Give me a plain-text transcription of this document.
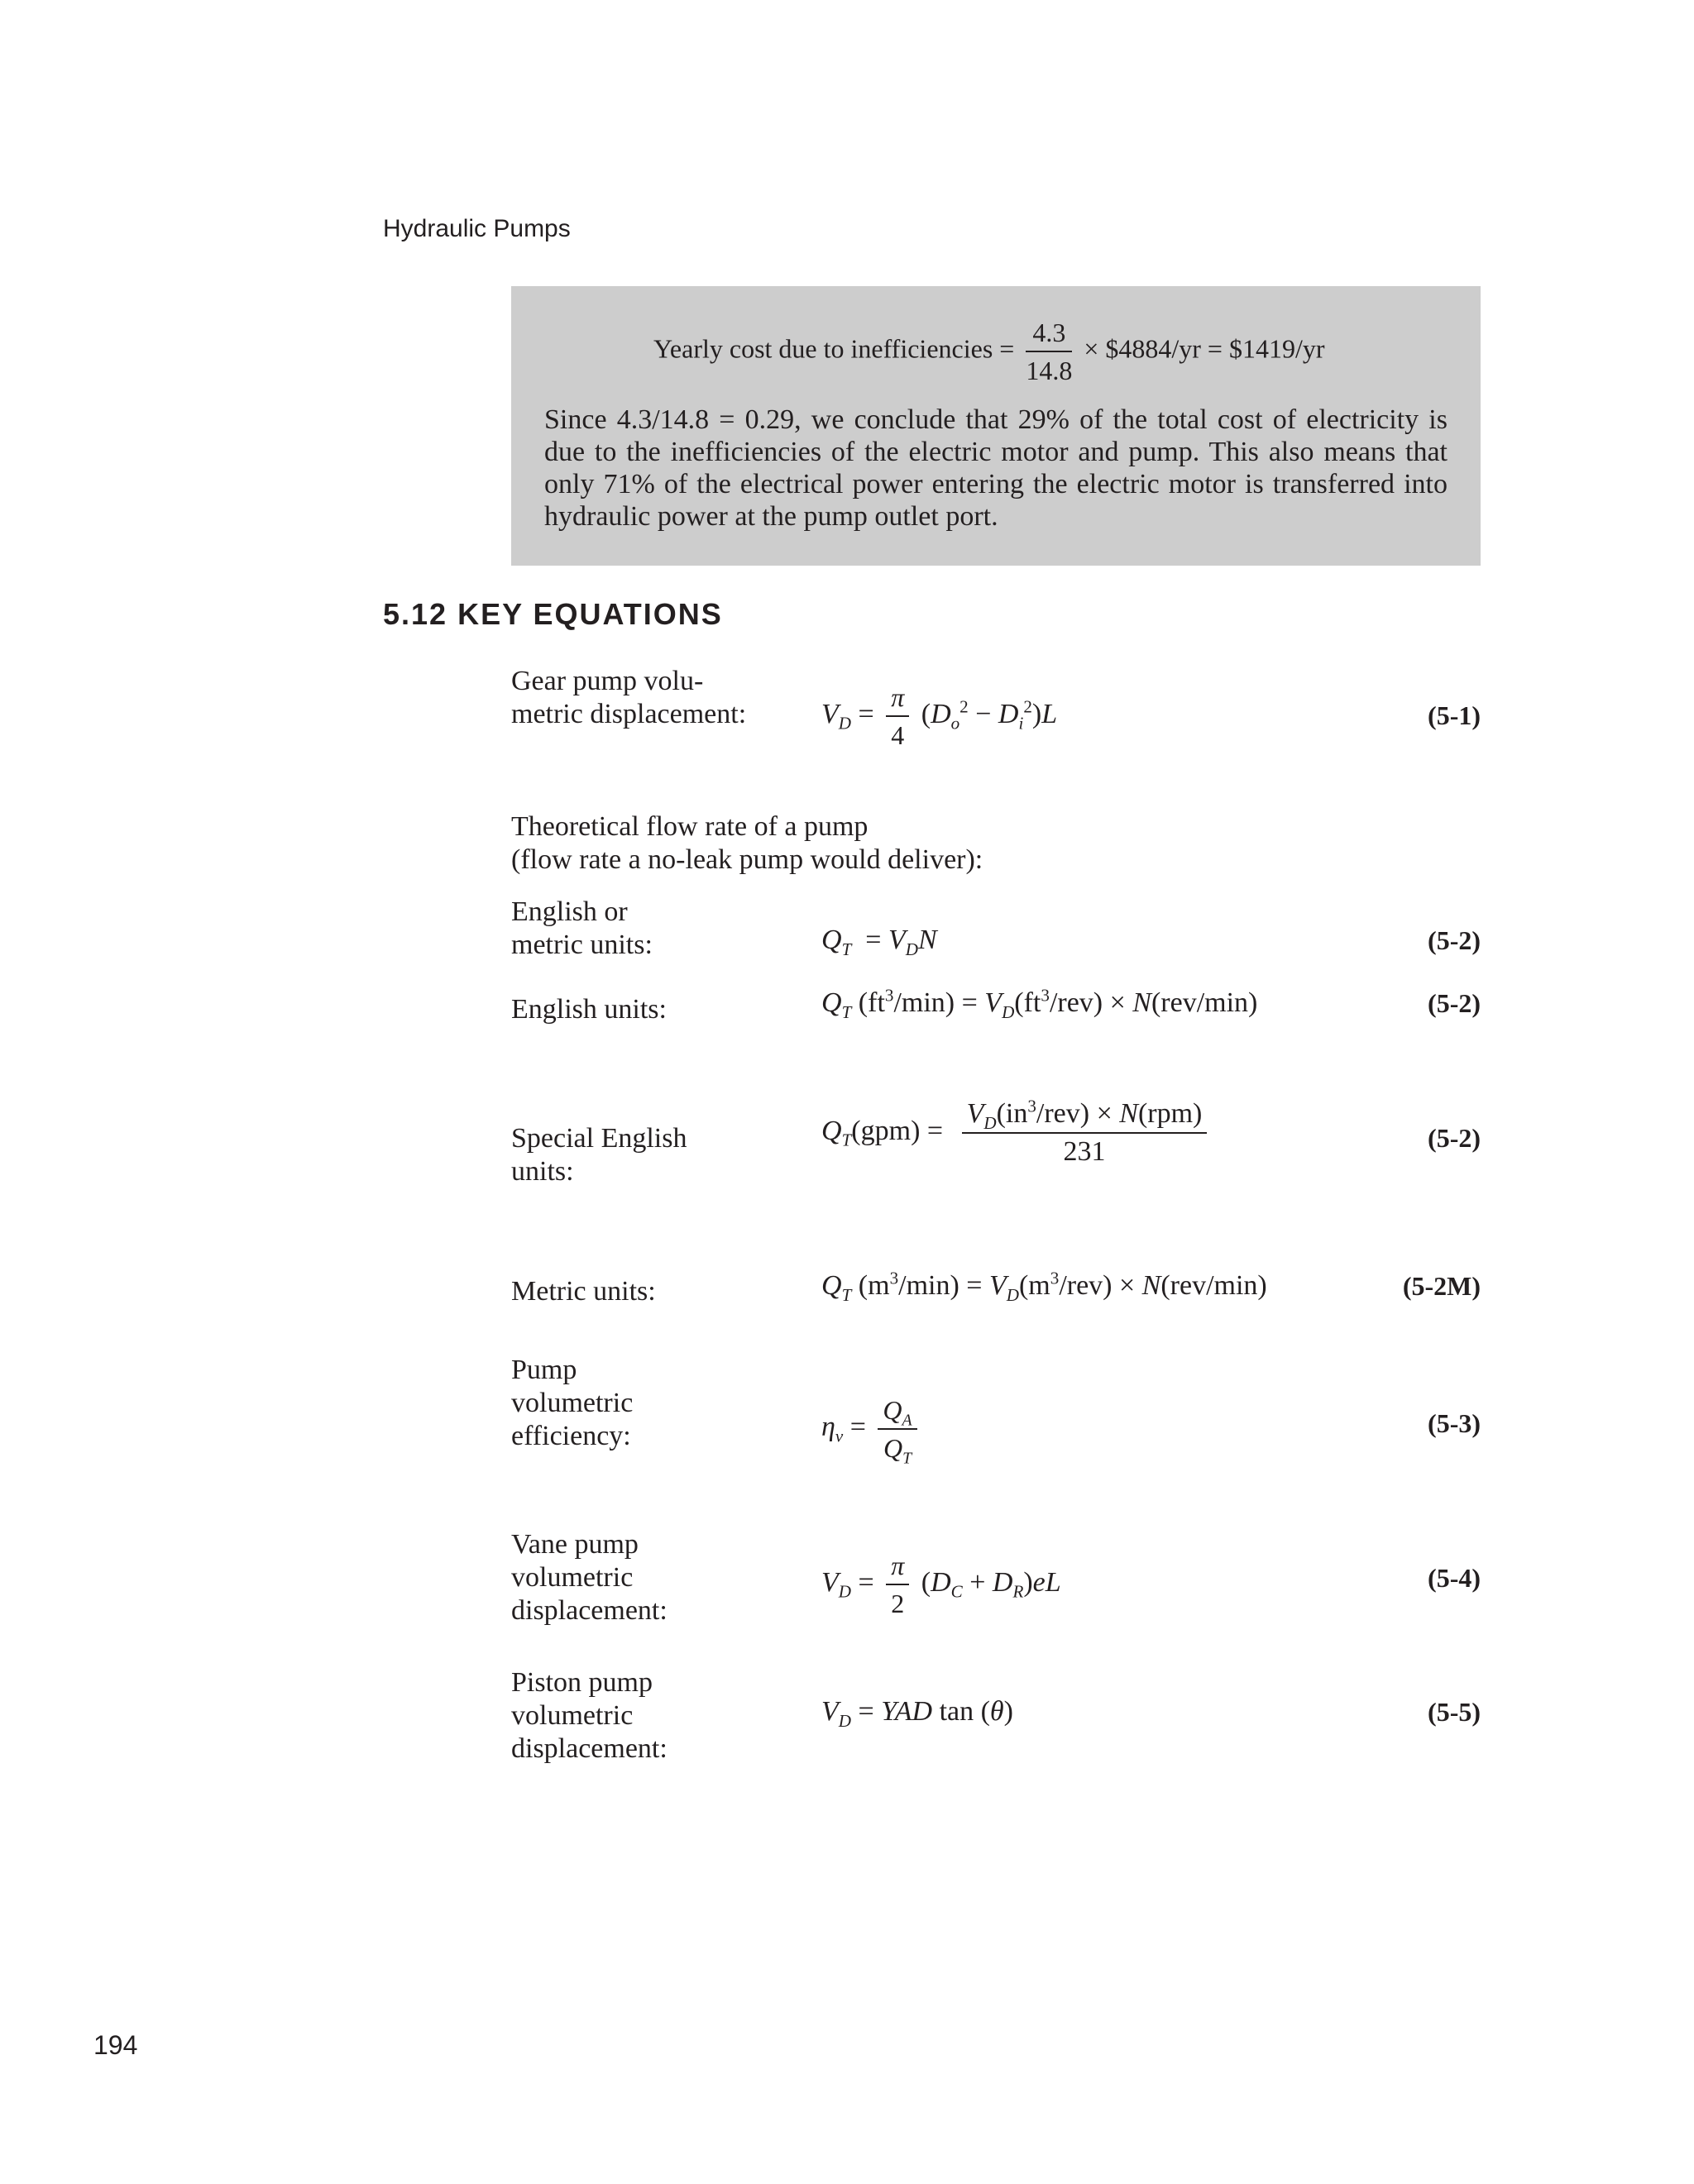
Hydraulic Pumps
Yearly cost due to inefficiencies = $\frac{4.3}{14.8}$ × $4884/yr = $1419/yr
Since 4.3/14.8 = 0.29, we conclude that 29% of the total cost of electricity is
due to the inefficiencies of the electric motor and pump. This also means that
only 71% of the electrical power entering the electric motor is transferred into
hydraulic power at the pump outlet port.
5.12 KEY EQUATIONS
Gear pump volu-
metric displacement:	$V_D = \frac{\pi}{4} (D_o^2 - D_i^2)L$	(5-1)
Theoretical flow rate of a pump
(flow rate a no-leak pump would deliver):
English or
metric units:	$Q_T = V_DN$	(5-2)
English units:	$Q_T$ $(ft^3/\min) = V_D(ft^3/rev) \times N(rev/\min)$	(5-2)
Special English
units:
$Q_T(gpm) = \frac{V_D(in^3/rev) \times N(rpm)}{231}$	(5-2)
Metric units:	$Q_T$ $(m^3/\min) = V_D(m^3/rev) \times N(rev/\min)$	(5-2M)
Pump
volumetric
efficiency:	$\eta_v = \frac{Q_A}{Q_T}$	(5-3)
Vane pump
volumetric
displacement:
$V_D = \frac{\pi}{2} (D_C + D_R)eL$	(5-4)
Piston pump
volumetric
displacement:
$V_D$ = YAD tan (θ)	(5-5)
194
